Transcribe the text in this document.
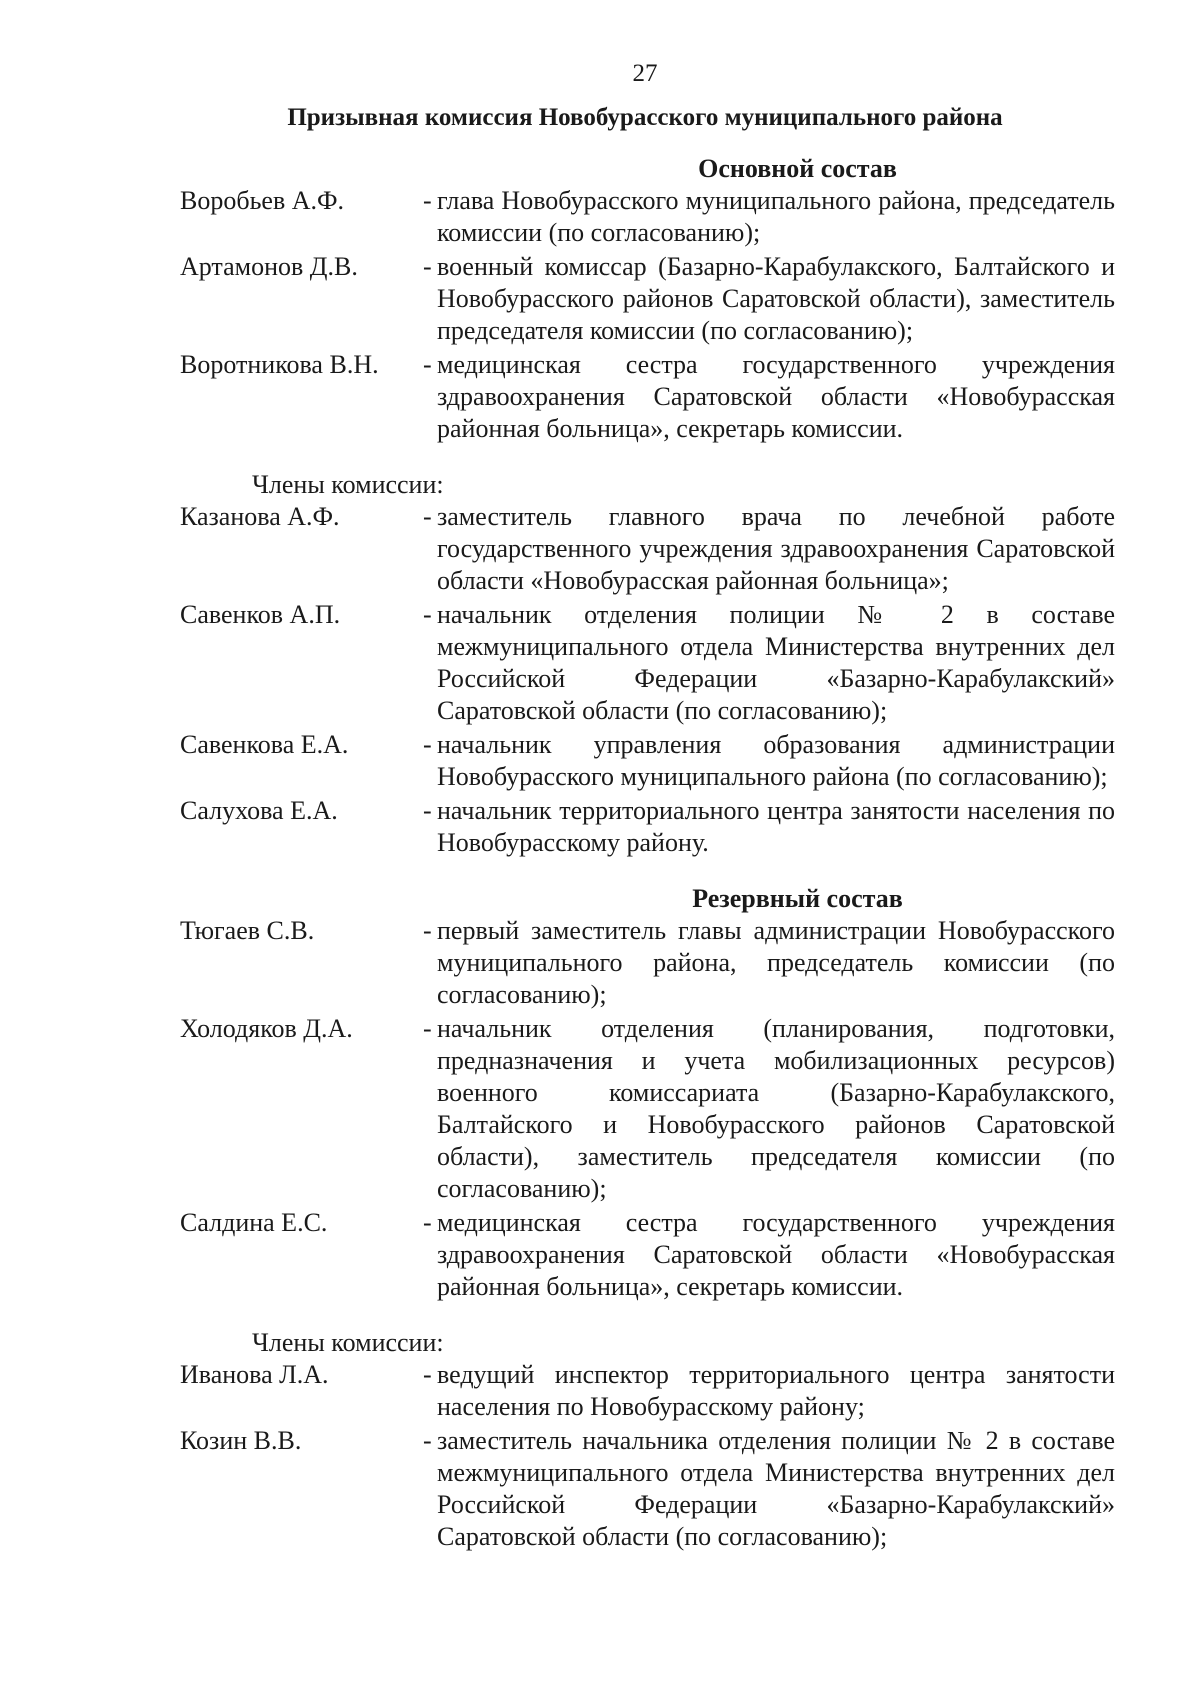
27
Призывная комиссия Новобурасского муниципального района
Основной состав
Воробьев А.Ф.	- глава Новобурасского муниципального района, председатель комиссии (по согласованию);
Артамонов Д.В.	- военный комиссар (Базарно-Карабулакского, Балтайского и Новобурасского районов Саратовской области), заместитель председателя комиссии (по согласованию);
Воротникова В.Н.	- медицинская сестра государственного учреждения здравоохранения Саратовской области «Новобурасская районная больница», секретарь комиссии.
Члены комиссии:
Казанова А.Ф.	- заместитель главного врача по лечебной работе государственного учреждения здравоохранения Саратовской области «Новобурасская районная больница»;
Савенков А.П.	- начальник отделения полиции № 2 в составе межмуниципального отдела Министерства внутренних дел Российской Федерации «Базарно-Карабулакский» Саратовской области (по согласованию);
Савенкова Е.А.	- начальник управления образования администрации Новобурасского муниципального района (по согласованию);
Салухова Е.А.	- начальник территориального центра занятости населения по Новобурасскому району.
Резервный состав
Тюгаев С.В.	- первый заместитель главы администрации Новобурасского муниципального района, председатель комиссии (по согласованию);
Холодяков Д.А.	- начальник отделения (планирования, подготовки, предназначения и учета мобилизационных ресурсов) военного комиссариата (Базарно-Карабулакского, Балтайского и Новобурасского районов Саратовской области), заместитель председателя комиссии (по согласованию);
Салдина Е.С.	- медицинская сестра государственного учреждения здравоохранения Саратовской области «Новобурасская районная больница», секретарь комиссии.
Члены комиссии:
Иванова Л.А.	- ведущий инспектор территориального центра занятости населения по Новобурасскому району;
Козин В.В.	- заместитель начальника отделения полиции № 2 в составе межмуниципального отдела Министерства внутренних дел Российской Федерации «Базарно-Карабулакский» Саратовской области (по согласованию);
